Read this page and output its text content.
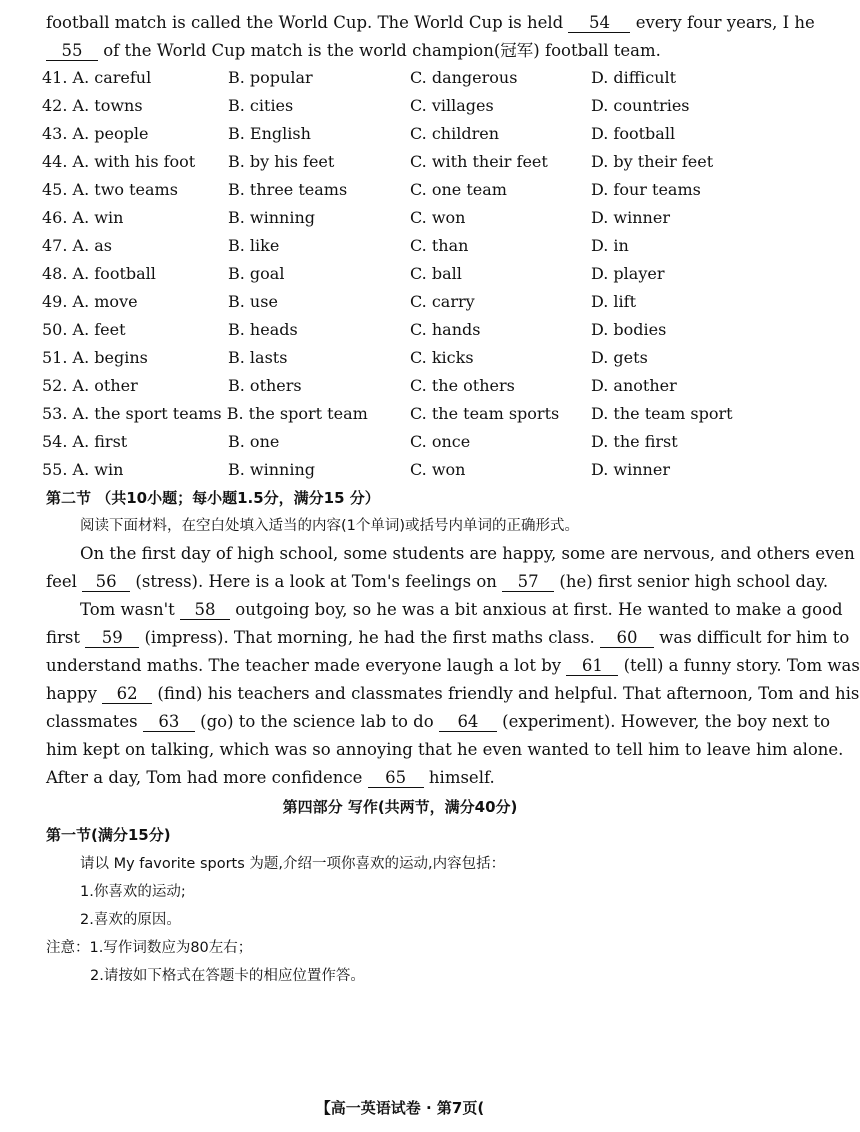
football match is called the World Cup. The World Cup is held 54 every four years, I he
55 of the World Cup match is the world champion(冠军) football team.
41. A. careful	B. popular	C. dangerous	D. difficult
42. A. towns	B. cities	C. villages	D. countries
43. A. people	B. English	C. children	D. football
44. A. with his foot B. by his feet	C. with their feet	D. by their feet
45. A. two teams	B. three teams	C. one team	D. four teams
46. A. win	B. winning	C. won	D. winner
47. A. as	B. like	C. than	D. in
48. A. football	B. goal	C. ball	D. player
49. A. move	B. use	C. carry	D. lift
50. A. feet	B. heads	C. hands	D. bodies
51. A. begins	B. lasts	C. kicks	D. gets
52. A. other	B. others	C. the others	D. another
53. A. the sport teams B. the sport team	C. the team sports D. the team sport
54. A. first	B. one	C. once	D. the first
55. A. win	B. winning	C. won	D. winner
第二节 （共10小题；每小题1.5分，满分15 分）
阅读下面材料，在空白处填入适当的内容(1个单词)或括号内单词的正确形式。
On the first day of high school, some students are happy, some are nervous, and others even
feel 56 (stress). Here is a look at Tom's feelings on 57 (he) first senior high school day.
Tom wasn't 58 outgoing boy, so he was a bit anxious at first. He wanted to make a good
first 59 (impress). That morning, he had the first maths class. 60 was difficult for him to
understand maths. The teacher made everyone laugh a lot by 61 (tell) a funny story. Tom was
happy 62 (find) his teachers and classmates friendly and helpful. That afternoon, Tom and his
classmates 63 (go) to the science lab to do 64 (experiment). However, the boy next to
him kept on talking, which was so annoying that he even wanted to tell him to leave him alone.
After a day, Tom had more confidence 65 himself.
第四部分 写作(共两节，满分40分)
第一节(满分15分)
请以 My favorite sports 为题,介绍一项你喜欢的运动,内容包括：
1.你喜欢的运动;
2.喜欢的原因。
注意：1.写作词数应为80左右；
2.请按如下格式在答题卡的相应位置作答。
【高一英语试卷 · 第7页(
